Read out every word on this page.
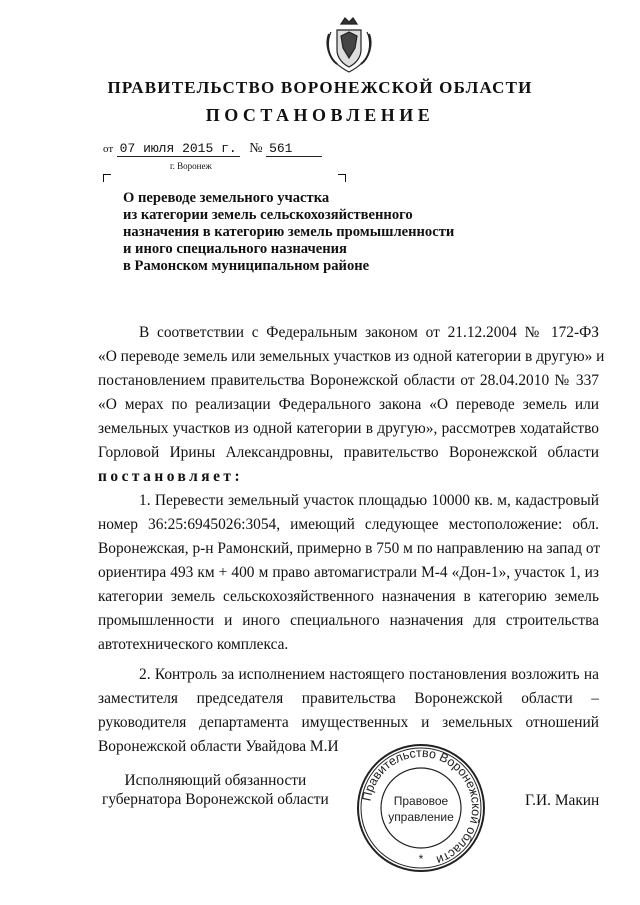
ПРАВИТЕЛЬСТВО ВОРОНЕЖСКОЙ ОБЛАСТИ
ПОСТАНОВЛЕНИЕ
от 07 июля 2015 г. № 561
г. Воронеж
О переводе земельного участка
из категории земель сельскохозяйственного
назначения в категорию земель промышленности
и иного специального назначения
в Рамонском муниципальном районе
В соответствии с Федеральным законом от 21.12.2004 № 172-ФЗ
«О переводе земель или земельных участков из одной категории в другую» и
постановлением правительства Воронежской области от 28.04.2010 № 337
«О мерах по реализации Федерального закона «О переводе земель или
земельных участков из одной категории в другую», рассмотрев ходатайство
Горловой Ирины Александровны, правительство Воронежской области
постановляет:
1. Перевести земельный участок площадью 10000 кв. м, кадастровый
номер 36:25:6945026:3054, имеющий следующее местоположение: обл.
Воронежская, р-н Рамонский, примерно в 750 м по направлению на запад от
ориентира 493 км + 400 м право автомагистрали М-4 «Дон-1», участок 1, из
категории земель сельскохозяйственного назначения в категорию земель
промышленности и иного специального назначения для строительства
автотехнического комплекса.
2. Контроль за исполнением настоящего постановления возложить на
заместителя председателя правительства Воронежской области –
руководителя департамента имущественных и земельных отношений
Воронежской области Увайдова М.И
Исполняющий обязанности
губернатора Воронежской области	Г.И. Макин
Правительство Воронежской области
Правовое
управление
*
